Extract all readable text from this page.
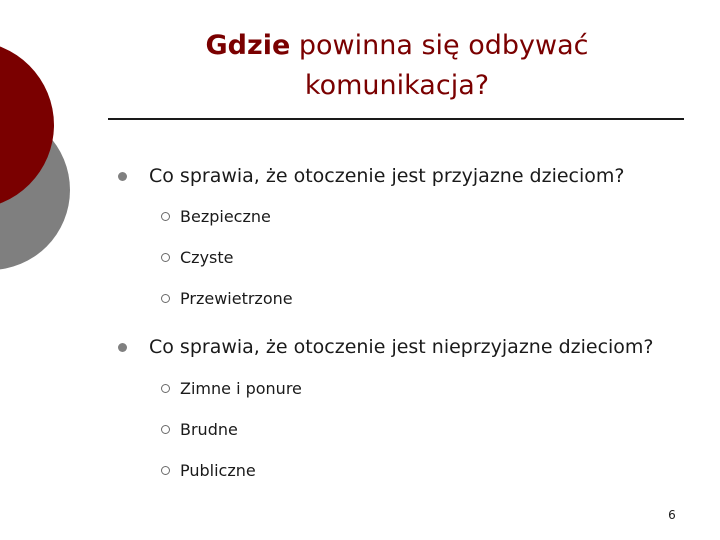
Gdzie powinna się odbywać
komunikacja?
Co sprawia, że otoczenie jest przyjazne dzieciom?
Bezpieczne
Czyste
Przewietrzone
Co sprawia, że otoczenie jest nieprzyjazne dzieciom?
Zimne i ponure
Brudne
Publiczne
6
